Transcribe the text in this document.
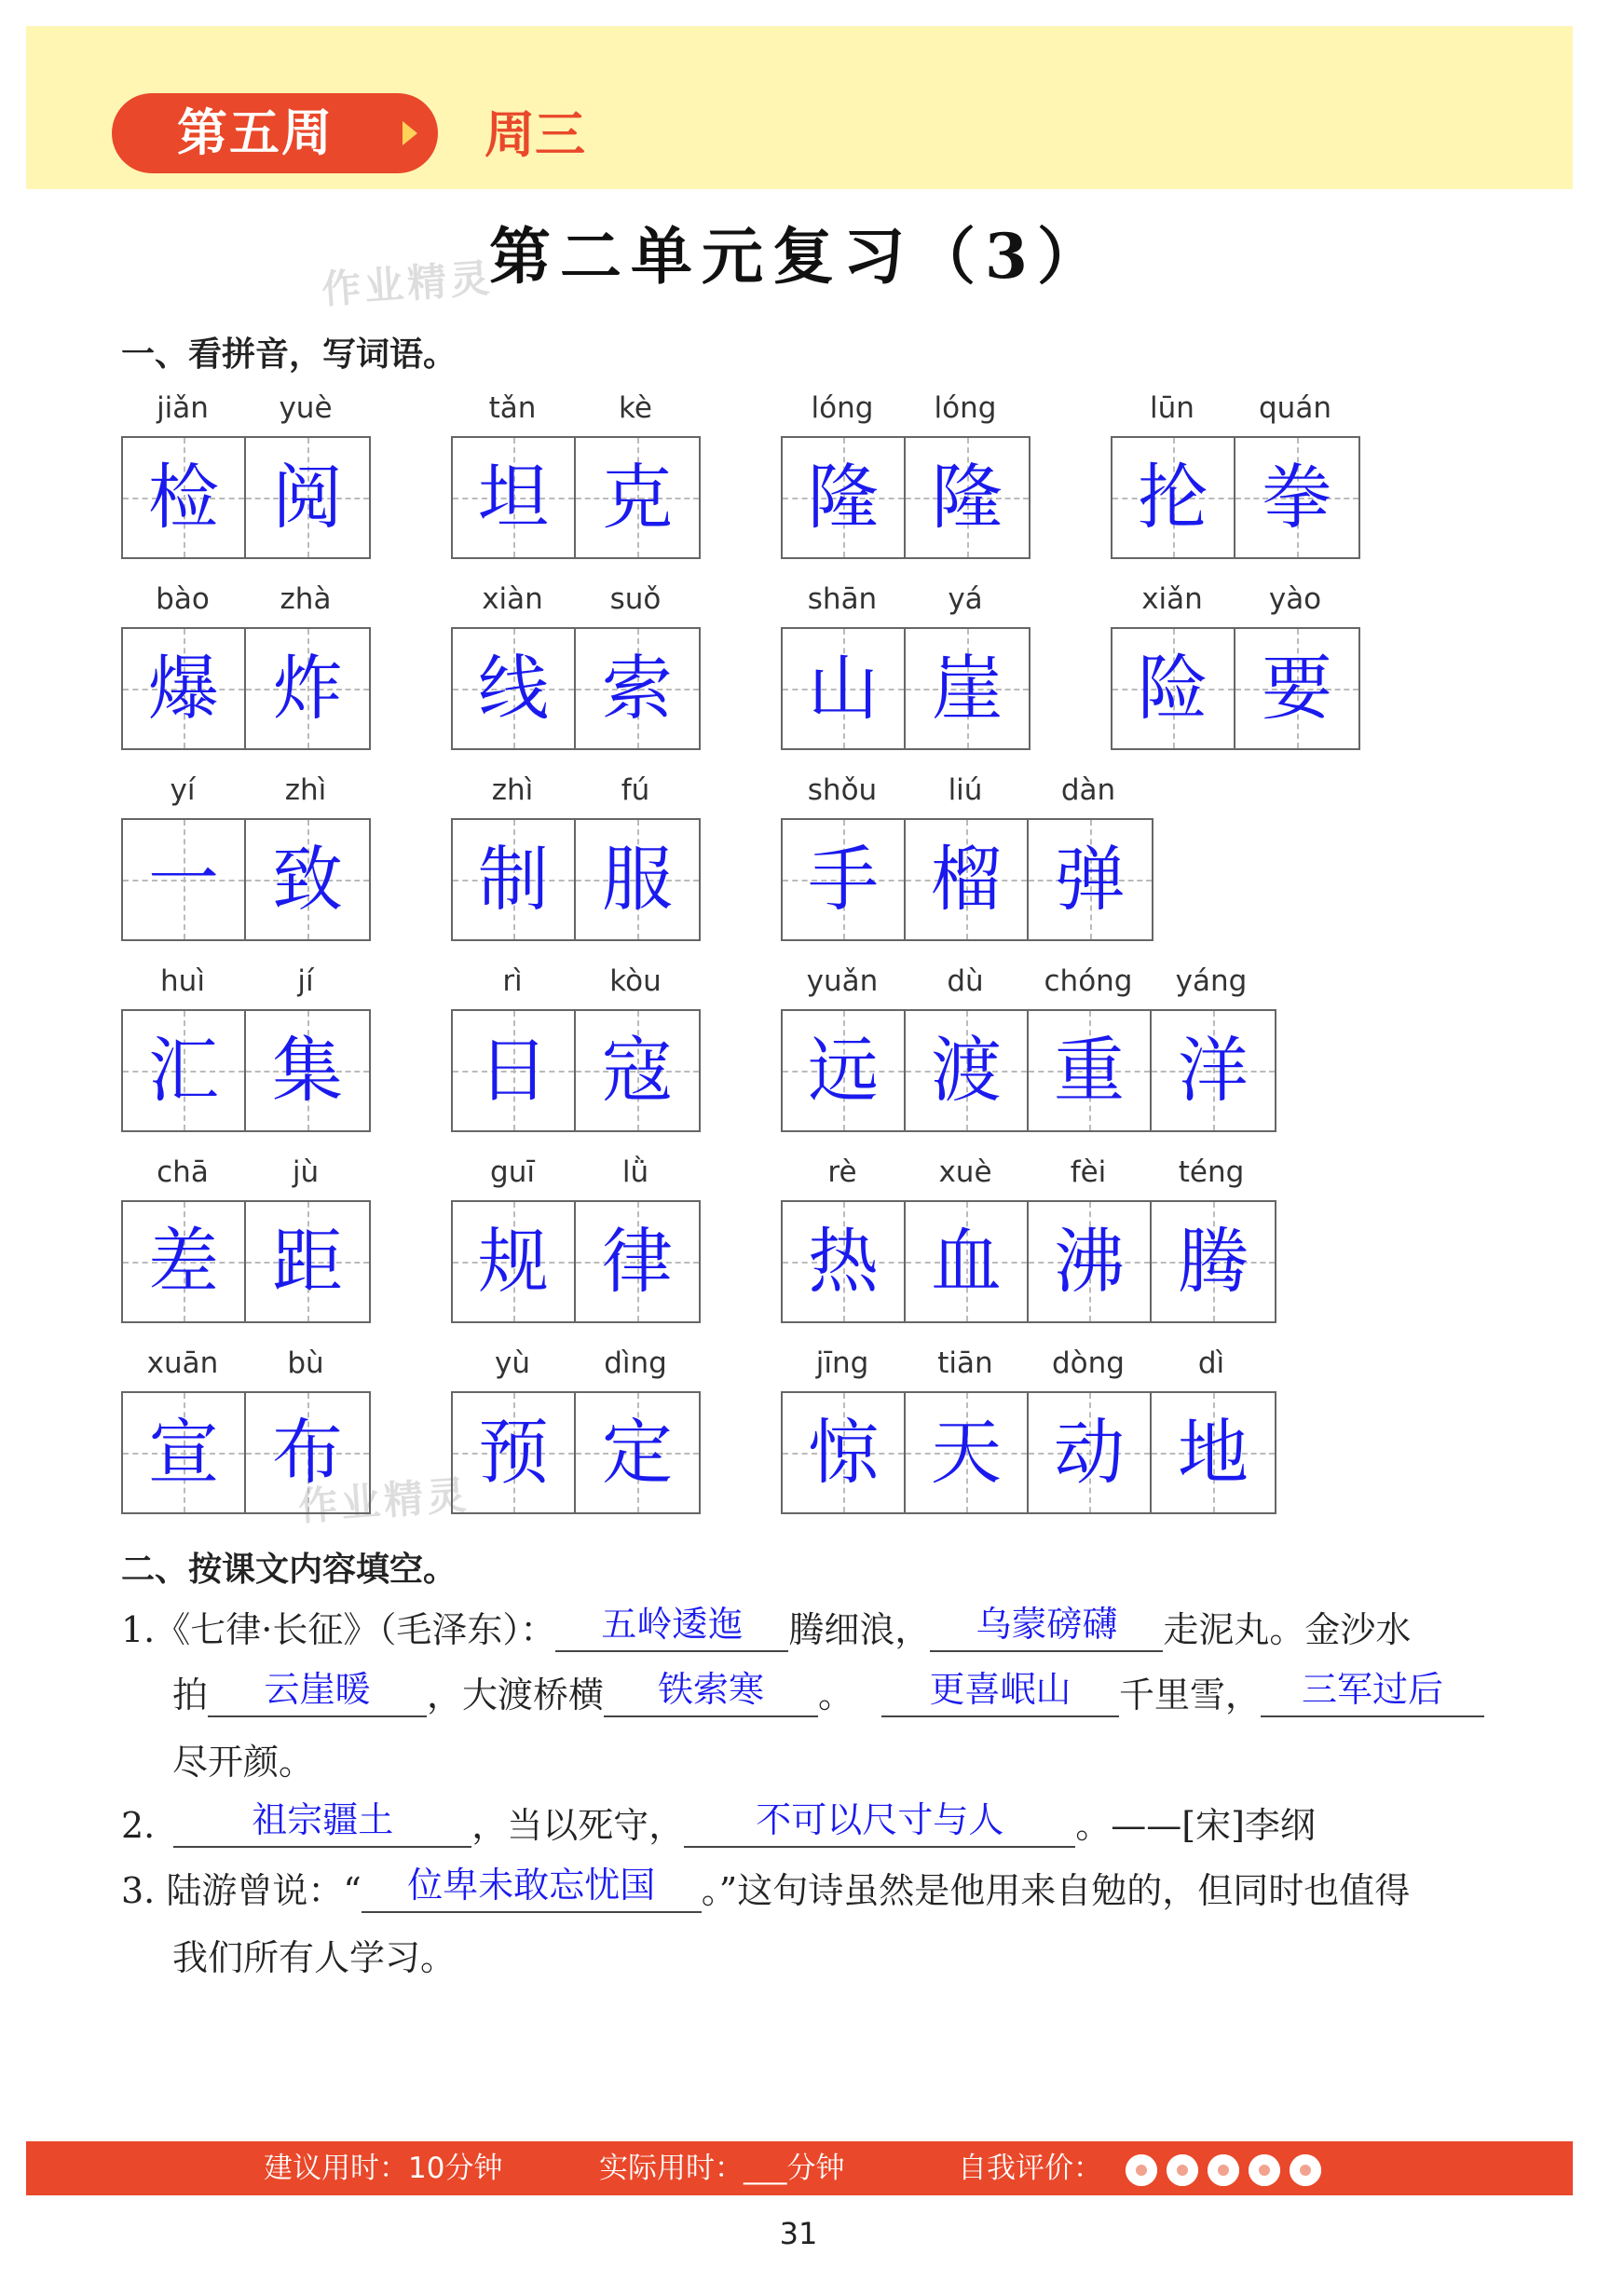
第五周	周三
第二单元复习（3）
作业精灵
作业精灵
一、看拼音，写词语。
jiǎn	yuè
检 阅
tǎn	kè
坦 克
lóng	lóng
隆 隆
lūn	quán
抡 拳
bào	zhà
爆 炸
xiàn	suǒ
线 索
shān	yá
山 崖
xiǎn	yào
险 要
yí	zhì
一 致
zhì	fú
制 服
shǒu	liú	dàn
手 榴 弹
huì	jí
汇 集
rì	kòu
日 寇
yuǎn	dù	chóng	yáng
远 渡 重 洋
chā	jù
差 距
guī	lǜ
规 律
rè	xuè	fèi	téng
热 血 沸 腾
xuān	bù
宣 布
yù	dìng
预 定
jīng	tiān	dòng	dì
惊 天 动 地
二、按课文内容填空。
1.《七律·长征》（毛泽东）： 五岭逶迤 腾细浪， 乌蒙磅礴 走泥丸。金沙水
拍 云崖暖 ，大渡桥横 铁索寒 。 更喜岷山 千里雪， 三军过后
尽开颜。
2.	祖宗疆土 ，当以死守， 不可以尺寸与人 。——[宋]李纲
3. 陆游曾说：“ 位卑未敢忘忧国 。”这句诗虽然是他用来自勉的，但同时也值得
我们所有人学习。
建议用时：10分钟	实际用时：___分钟	自我评价：
31
